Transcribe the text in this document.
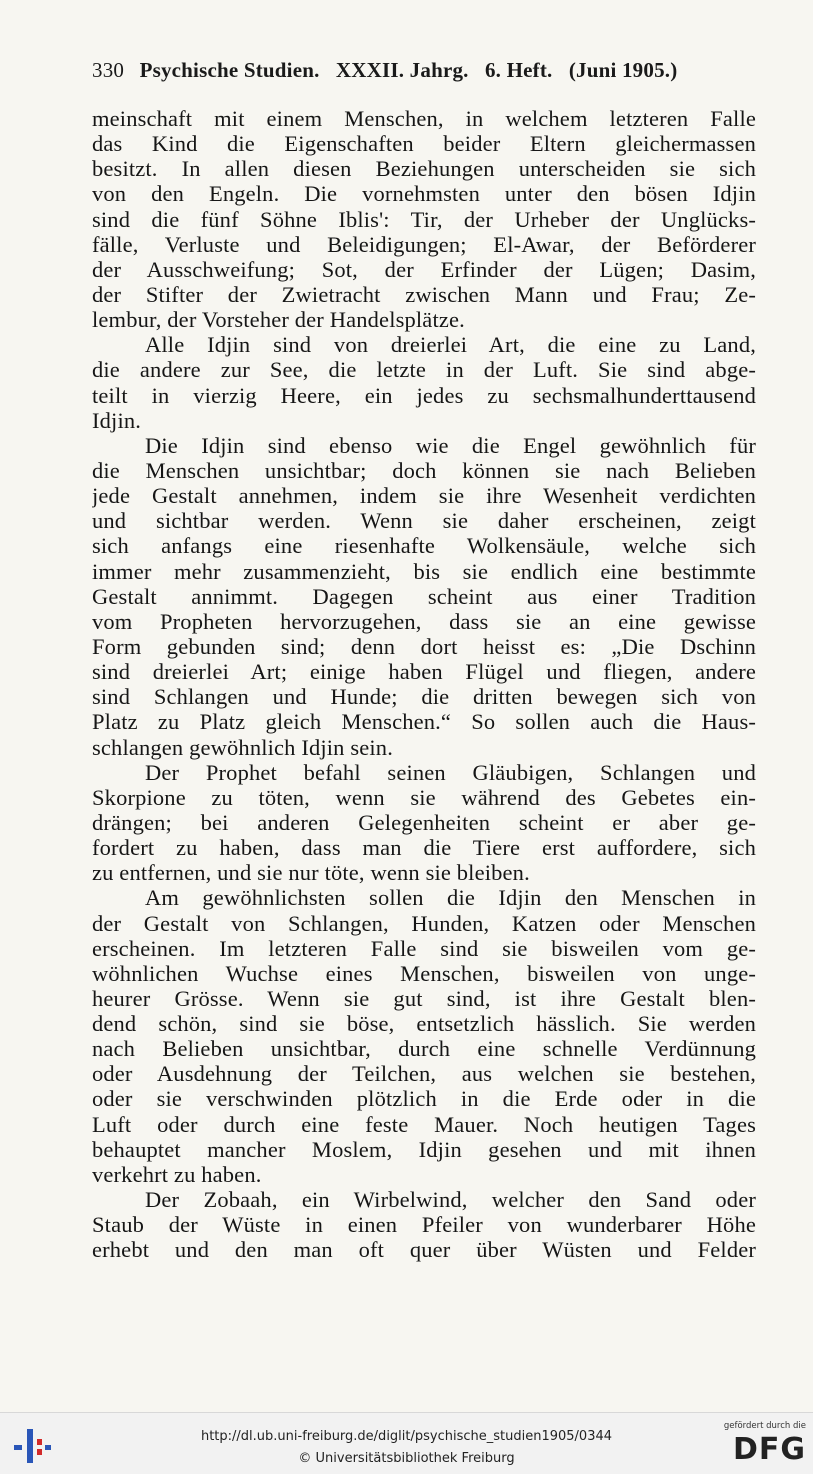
330 Psychische Studien. XXXII. Jahrg. 6. Heft. (Juni 1905.)
meinschaft mit einem Menschen, in welchem letzteren Falle
das Kind die Eigenschaften beider Eltern gleichermassen
besitzt. In allen diesen Beziehungen unterscheiden sie sich
von den Engeln. Die vornehmsten unter den bösen Idjin
sind die fünf Söhne Iblis': Tir, der Urheber der Unglücks-
fälle, Verluste und Beleidigungen; El-Awar, der Beförderer
der Ausschweifung; Sot, der Erfinder der Lügen; Dasim,
der Stifter der Zwietracht zwischen Mann und Frau; Ze-
lembur, der Vorsteher der Handelsplätze.
Alle Idjin sind von dreierlei Art, die eine zu Land,
die andere zur See, die letzte in der Luft. Sie sind abge-
teilt in vierzig Heere, ein jedes zu sechsmalhunderttausend
Idjin.
Die Idjin sind ebenso wie die Engel gewöhnlich für
die Menschen unsichtbar; doch können sie nach Belieben
jede Gestalt annehmen, indem sie ihre Wesenheit verdichten
und sichtbar werden. Wenn sie daher erscheinen, zeigt
sich anfangs eine riesenhafte Wolkensäule, welche sich
immer mehr zusammenzieht, bis sie endlich eine bestimmte
Gestalt annimmt. Dagegen scheint aus einer Tradition
vom Propheten hervorzugehen, dass sie an eine gewisse
Form gebunden sind; denn dort heisst es: „Die Dschinn
sind dreierlei Art; einige haben Flügel und fliegen, andere
sind Schlangen und Hunde; die dritten bewegen sich von
Platz zu Platz gleich Menschen.“ So sollen auch die Haus-
schlangen gewöhnlich Idjin sein.
Der Prophet befahl seinen Gläubigen, Schlangen und
Skorpione zu töten, wenn sie während des Gebetes ein-
drängen; bei anderen Gelegenheiten scheint er aber ge-
fordert zu haben, dass man die Tiere erst auffordere, sich
zu entfernen, und sie nur töte, wenn sie bleiben.
Am gewöhnlichsten sollen die Idjin den Menschen in
der Gestalt von Schlangen, Hunden, Katzen oder Menschen
erscheinen. Im letzteren Falle sind sie bisweilen vom ge-
wöhnlichen Wuchse eines Menschen, bisweilen von unge-
heurer Grösse. Wenn sie gut sind, ist ihre Gestalt blen-
dend schön, sind sie böse, entsetzlich hässlich. Sie werden
nach Belieben unsichtbar, durch eine schnelle Verdünnung
oder Ausdehnung der Teilchen, aus welchen sie bestehen,
oder sie verschwinden plötzlich in die Erde oder in die
Luft oder durch eine feste Mauer. Noch heutigen Tages
behauptet mancher Moslem, Idjin gesehen und mit ihnen
verkehrt zu haben.
Der Zobaah, ein Wirbelwind, welcher den Sand oder
Staub der Wüste in einen Pfeiler von wunderbarer Höhe
erhebt und den man oft quer über Wüsten und Felder
http://dl.ub.uni-freiburg.de/diglit/psychische_studien1905/0344
© Universitätsbibliothek Freiburg
gefördert durch die
DFG
